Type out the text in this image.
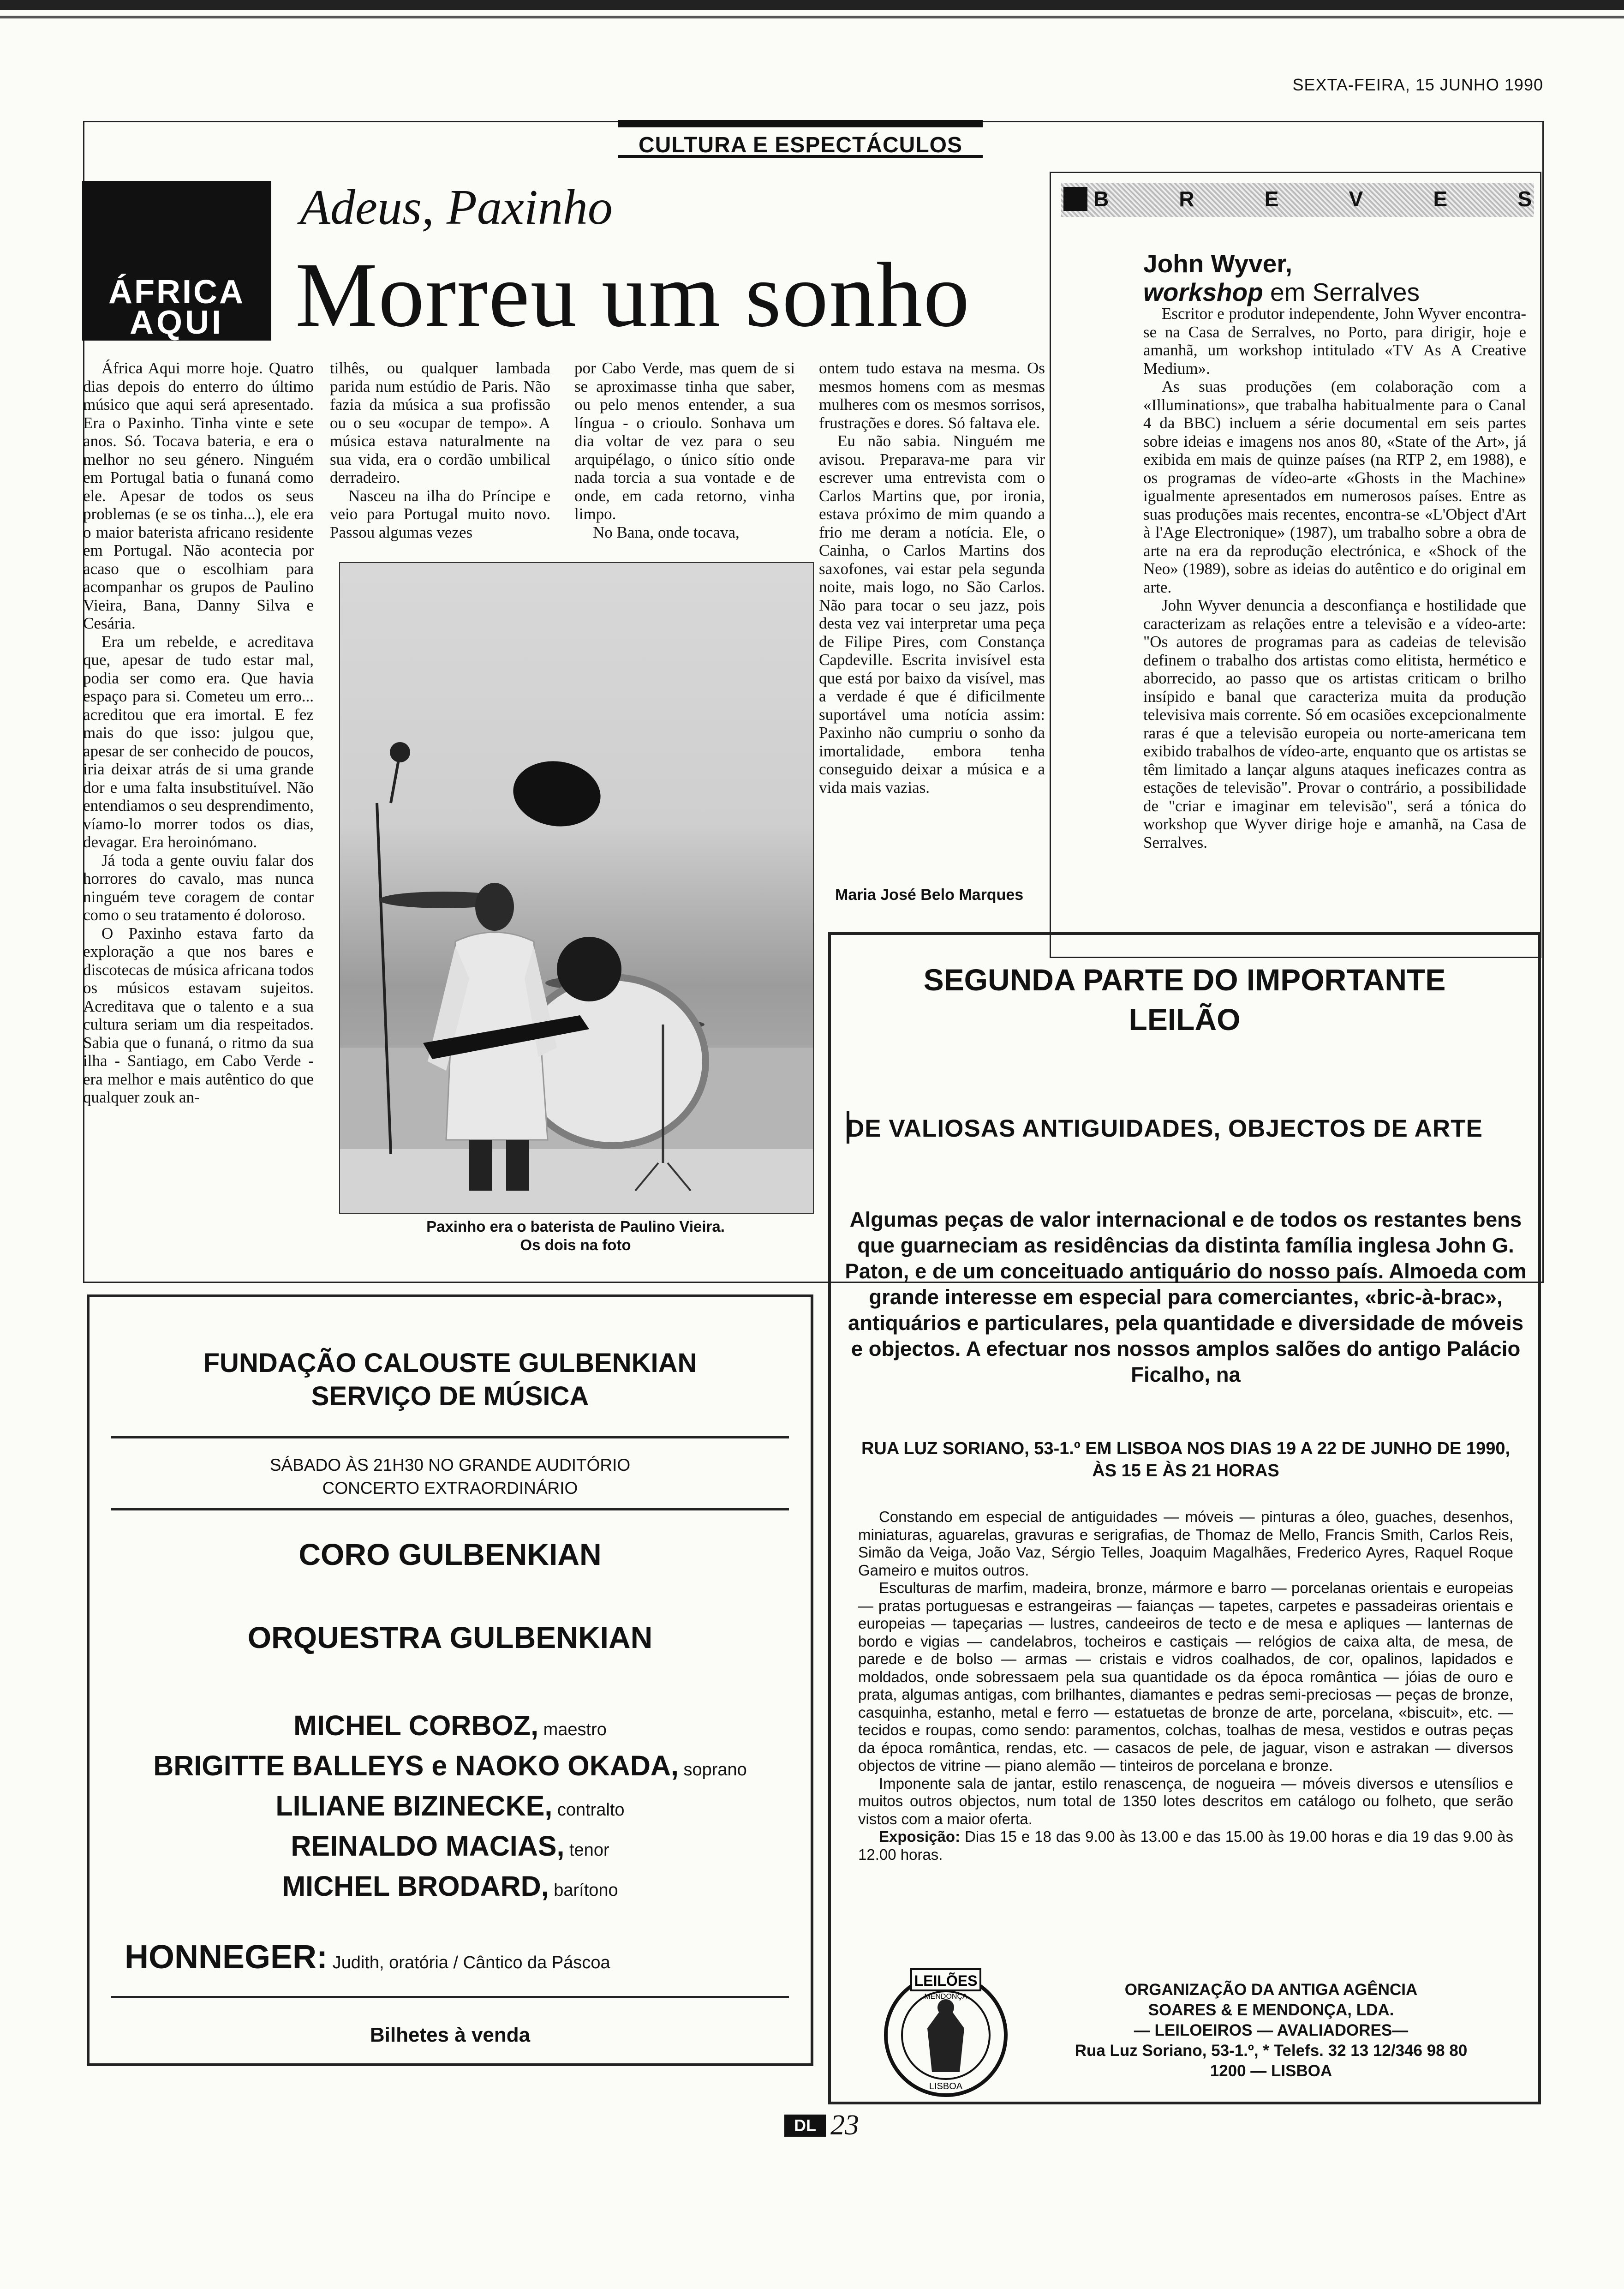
SEXTA-FEIRA, 15 JUNHO 1990
CULTURA E ESPECTÁCULOS
ÁFRICA
AQUI
Adeus, Paxinho
Morreu um sonho

África Aqui morre hoje. Quatro dias depois do enterro do último músico que aqui será apresentado. Era o Paxinho. Tinha vinte e sete anos. Só. Tocava bateria, e era o melhor no seu género. Ninguém em Portugal batia o funaná como ele. Apesar de todos os seus problemas (e se os tinha...), ele era o maior baterista africano residente em Portugal. Não acontecia por acaso que o escolhiam para acompanhar os grupos de Paulino Vieira, Bana, Danny Silva e Cesária.

Era um rebelde, e acreditava que, apesar de tudo estar mal, podia ser como era. Que havia espaço para si. Cometeu um erro... acreditou que era imortal. E fez mais do que isso: julgou que, apesar de ser conhecido de poucos, iria deixar atrás de si uma grande dor e uma falta insubstituível. Não entendiamos o seu desprendimento, víamo-lo morrer todos os dias, devagar. Era heroinómano.

Já toda a gente ouviu falar dos horrores do cavalo, mas nunca ninguém teve coragem de contar como o seu tratamento é doloroso.

O Paxinho estava farto da exploração a que nos bares e discotecas de música africana todos os músicos estavam sujeitos. Acreditava que o talento e a sua cultura seriam um dia respeitados. Sabia que o funaná, o ritmo da sua ilha - Santiago, em Cabo Verde - era melhor e mais autêntico do que qualquer zouk an-

tilhês, ou qualquer lambada parida num estúdio de Paris. Não fazia da música a sua profissão ou o seu «ocupar de tempo». A música estava naturalmente na sua vida, era o cordão umbilical derradeiro.

Nasceu na ilha do Príncipe e veio para Portugal muito novo. Passou algumas vezes

por Cabo Verde, mas quem de si se aproximasse tinha que saber, ou pelo menos entender, a sua língua - o crioulo. Sonhava um dia voltar de vez para o seu arquipélago, o único sítio onde nada torcia a sua vontade e de onde, em cada retorno, vinha limpo.

No Bana, onde tocava,

ontem tudo estava na mesma. Os mesmos homens com as mesmas mulheres com os mesmos sorrisos, frustrações e dores. Só faltava ele.

Eu não sabia. Ninguém me avisou. Preparava-me para vir escrever uma entrevista com o Carlos Martins que, por ironia, estava próximo de mim quando a frio me deram a notícia. Ele, o Cainha, o Carlos Martins dos saxofones, vai estar pela segunda noite, mais logo, no São Carlos. Não para tocar o seu jazz, pois desta vez vai interpretar uma peça de Filipe Pires, com Constança Capdeville. Escrita invisível esta que está por baixo da visível, mas a verdade é que é dificilmente suportável uma notícia assim: Paxinho não cumpriu o sonho da imortalidade, embora tenha conseguido deixar a música e a vida mais vazias.

Maria José Belo Marques
Paxinho era o baterista de Paulino Vieira.
Os dois na foto
B	R	E	V	E	S
John Wyver,
workshop em Serralves

Escritor e produtor independente, John Wyver encontra-se na Casa de Serralves, no Porto, para dirigir, hoje e amanhã, um workshop intitulado «TV As A Creative Medium».

As suas produções (em colaboração com a «Illuminations», que trabalha habitualmente para o Canal 4 da BBC) incluem a série documental em seis partes sobre ideias e imagens nos anos 80, «State of the Art», já exibida em mais de quinze países (na RTP 2, em 1988), e os programas de vídeo-arte «Ghosts in the Machine» igualmente apresentados em numerosos países. Entre as suas produções mais recentes, encontra-se «L'Object d'Art à l'Age Electronique» (1987), um trabalho sobre a obra de arte na era da reprodução electrónica, e «Shock of the Neo» (1989), sobre as ideias do autêntico e do original em arte.

John Wyver denuncia a desconfiança e hostilidade que caracterizam as relações entre a televisão e a vídeo-arte: "Os autores de programas para as cadeias de televisão definem o trabalho dos artistas como elitista, hermético e aborrecido, ao passo que os artistas criticam o brilho insípido e banal que caracteriza muita da produção televisiva mais corrente. Só em ocasiões excepcionalmente raras é que a televisão europeia ou norte-americana tem exibido trabalhos de vídeo-arte, enquanto que os artistas se têm limitado a lançar alguns ataques ineficazes contra as estações de televisão". Provar o contrário, a possibilidade de "criar e imaginar em televisão", será a tónica do workshop que Wyver dirige hoje e amanhã, na Casa de Serralves.

SEGUNDA PARTE DO IMPORTANTE
LEILÃO
DE VALIOSAS ANTIGUIDADES, OBJECTOS DE ARTE
Algumas peças de valor internacional e de todos os restantes bens que guarneciam as residências da distinta família inglesa John G. Paton, e de um conceituado antiquário do nosso país. Almoeda com grande interesse em especial para comerciantes, «bric-à-brac», antiquários e particulares, pela quantidade e diversidade de móveis e objectos. A efectuar nos nossos amplos salões do antigo Palácio Ficalho, na
RUA LUZ SORIANO, 53-1.º EM LISBOA NOS DIAS 19 A 22 DE JUNHO DE 1990, ÀS 15 E ÀS 21 HORAS

Constando em especial de antiguidades — móveis — pinturas a óleo, guaches, desenhos, miniaturas, aguarelas, gravuras e serigrafias, de Thomaz de Mello, Francis Smith, Carlos Reis, Simão da Veiga, João Vaz, Sérgio Telles, Joaquim Magalhães, Frederico Ayres, Raquel Roque Gameiro e muitos outros.

Esculturas de marfim, madeira, bronze, mármore e barro — porcelanas orientais e europeias — pratas portuguesas e estrangeiras — faianças — tapetes, carpetes e passadeiras orientais e europeias — tapeçarias — lustres, candeeiros de tecto e de mesa e apliques — lanternas de bordo e vigias — candelabros, tocheiros e castiçais — relógios de caixa alta, de mesa, de parede e de bolso — armas — cristais e vidros coalhados, de cor, opalinos, lapidados e moldados, onde sobressaem pela sua quantidade os da época romântica — jóias de ouro e prata, algumas antigas, com brilhantes, diamantes e pedras semi-preciosas — peças de bronze, casquinha, estanho, metal e ferro — estatuetas de bronze de arte, porcelana, «biscuit», etc. — tecidos e roupas, como sendo: paramentos, colchas, toalhas de mesa, vestidos e outras peças da época romântica, rendas, etc. — casacos de pele, de jaguar, vison e astrakan — diversos objectos de vitrine — piano alemão — tinteiros de porcelana e bronze.

Imponente sala de jantar, estilo renascença, de nogueira — móveis diversos e utensílios e muitos outros objectos, num total de 1350 lotes descritos em catálogo ou folheto, que serão vistos com a maior oferta.

Exposição: Dias 15 e 18 das 9.00 às 13.00 e das 15.00 às 19.00 horas e dia 19 das 9.00 às 12.00 horas.

LEILÕES
MENDONÇA
LISBOA
ORGANIZAÇÃO DA ANTIGA AGÊNCIA
SOARES & E MENDONÇA, LDA.
— LEILOEIROS — AVALIADORES—
Rua Luz Soriano, 53-1.º, * Telefs. 32 13 12/346 98 80
1200 — LISBOA
FUNDAÇÃO CALOUSTE GULBENKIAN
SERVIÇO DE MÚSICA
SÁBADO ÀS 21H30 NO GRANDE AUDITÓRIO
CONCERTO EXTRAORDINÁRIO
CORO GULBENKIAN
ORQUESTRA GULBENKIAN
MICHEL CORBOZ, maestro
BRIGITTE BALLEYS e NAOKO OKADA, soprano
LILIANE BIZINECKE, contralto
REINALDO MACIAS, tenor
MICHEL BRODARD, barítono
HONNEGER: Judith, oratória / Cântico da Páscoa
Bilhetes à venda
DL 23
